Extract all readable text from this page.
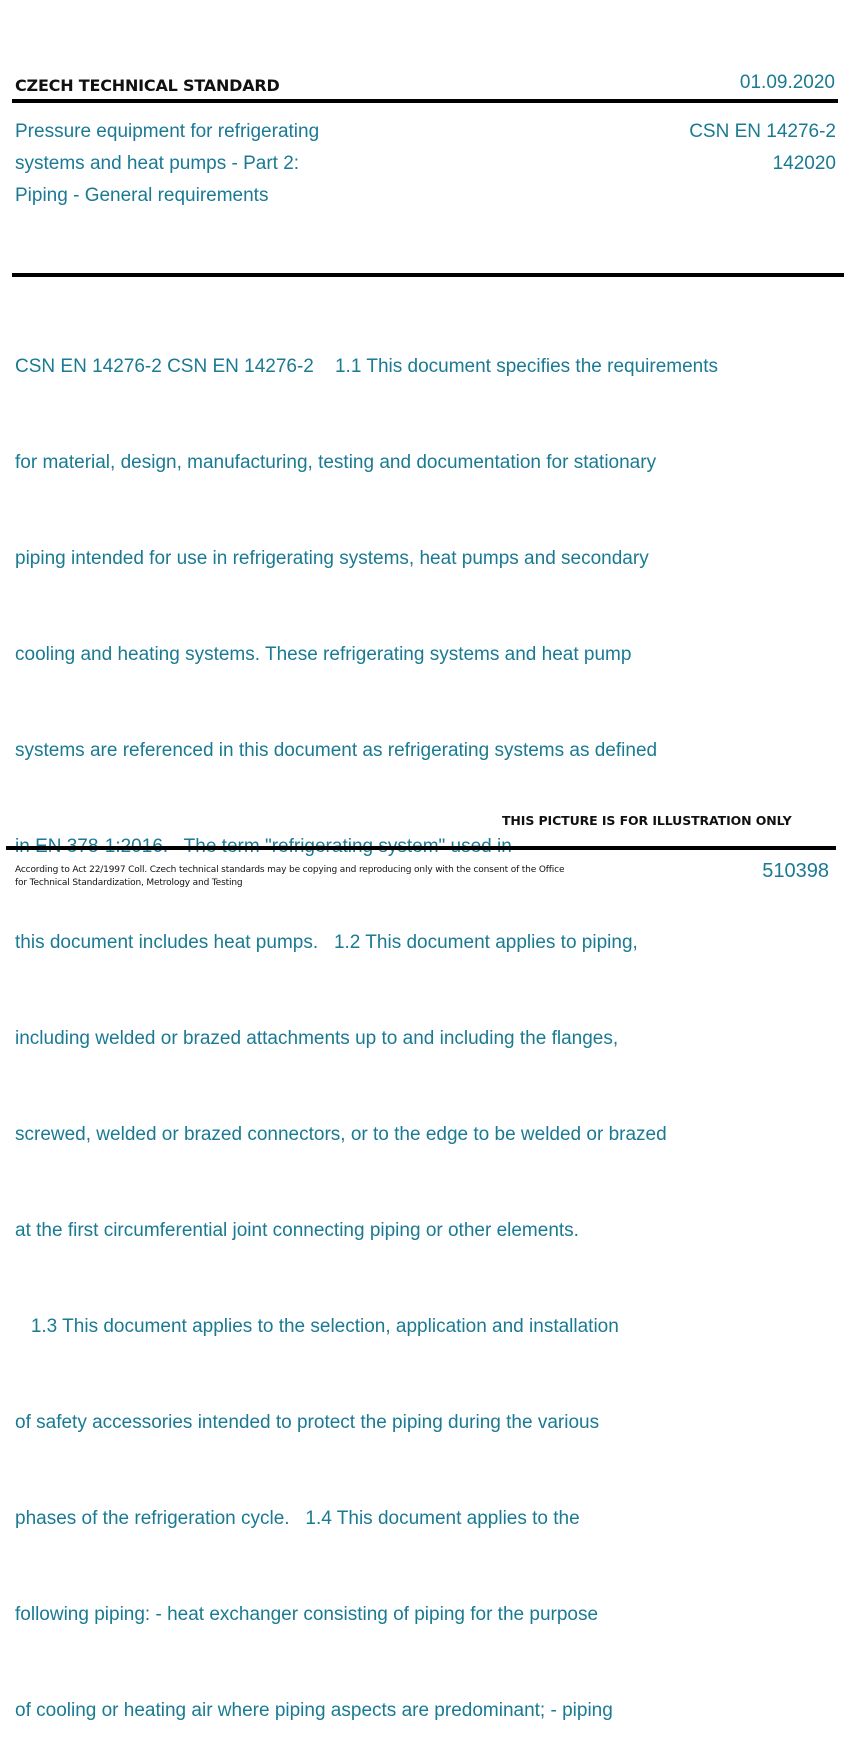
CZECH TECHNICAL STANDARD	01.09.2020
Pressure equipment for refrigerating
systems and heat pumps - Part 2:
Piping - General requirements
CSN EN 14276-2
142020

CSN EN 14276-2 CSN EN 14276-2    1.1 This document specifies the requirements

for material, design, manufacturing, testing and documentation for stationary

piping intended for use in refrigerating systems, heat pumps and secondary

cooling and heating systems. These refrigerating systems and heat pump

systems are referenced in this document as refrigerating systems as defined

this document includes heat pumps.   1.2 This document applies to piping,

including welded or brazed attachments up to and including the flanges,

screwed, welded or brazed connectors, or to the edge to be welded or brazed

at the first circumferential joint connecting piping or other elements.

1.3 This document applies to the selection, application and installation

of safety accessories intended to protect the piping during the various

phases of the refrigeration cycle.   1.4 This document applies to the

following piping: - heat exchanger consisting of piping for the purpose

of cooling or heating air where piping aspects are predominant; - piping

THIS PICTURE IS FOR ILLUSTRATION ONLY
According to Act 22/1997 Coll. Czech technical standards may be copying and reproducing only with the consent of the Office
for Technical Standardization, Metrology and Testing
510398
